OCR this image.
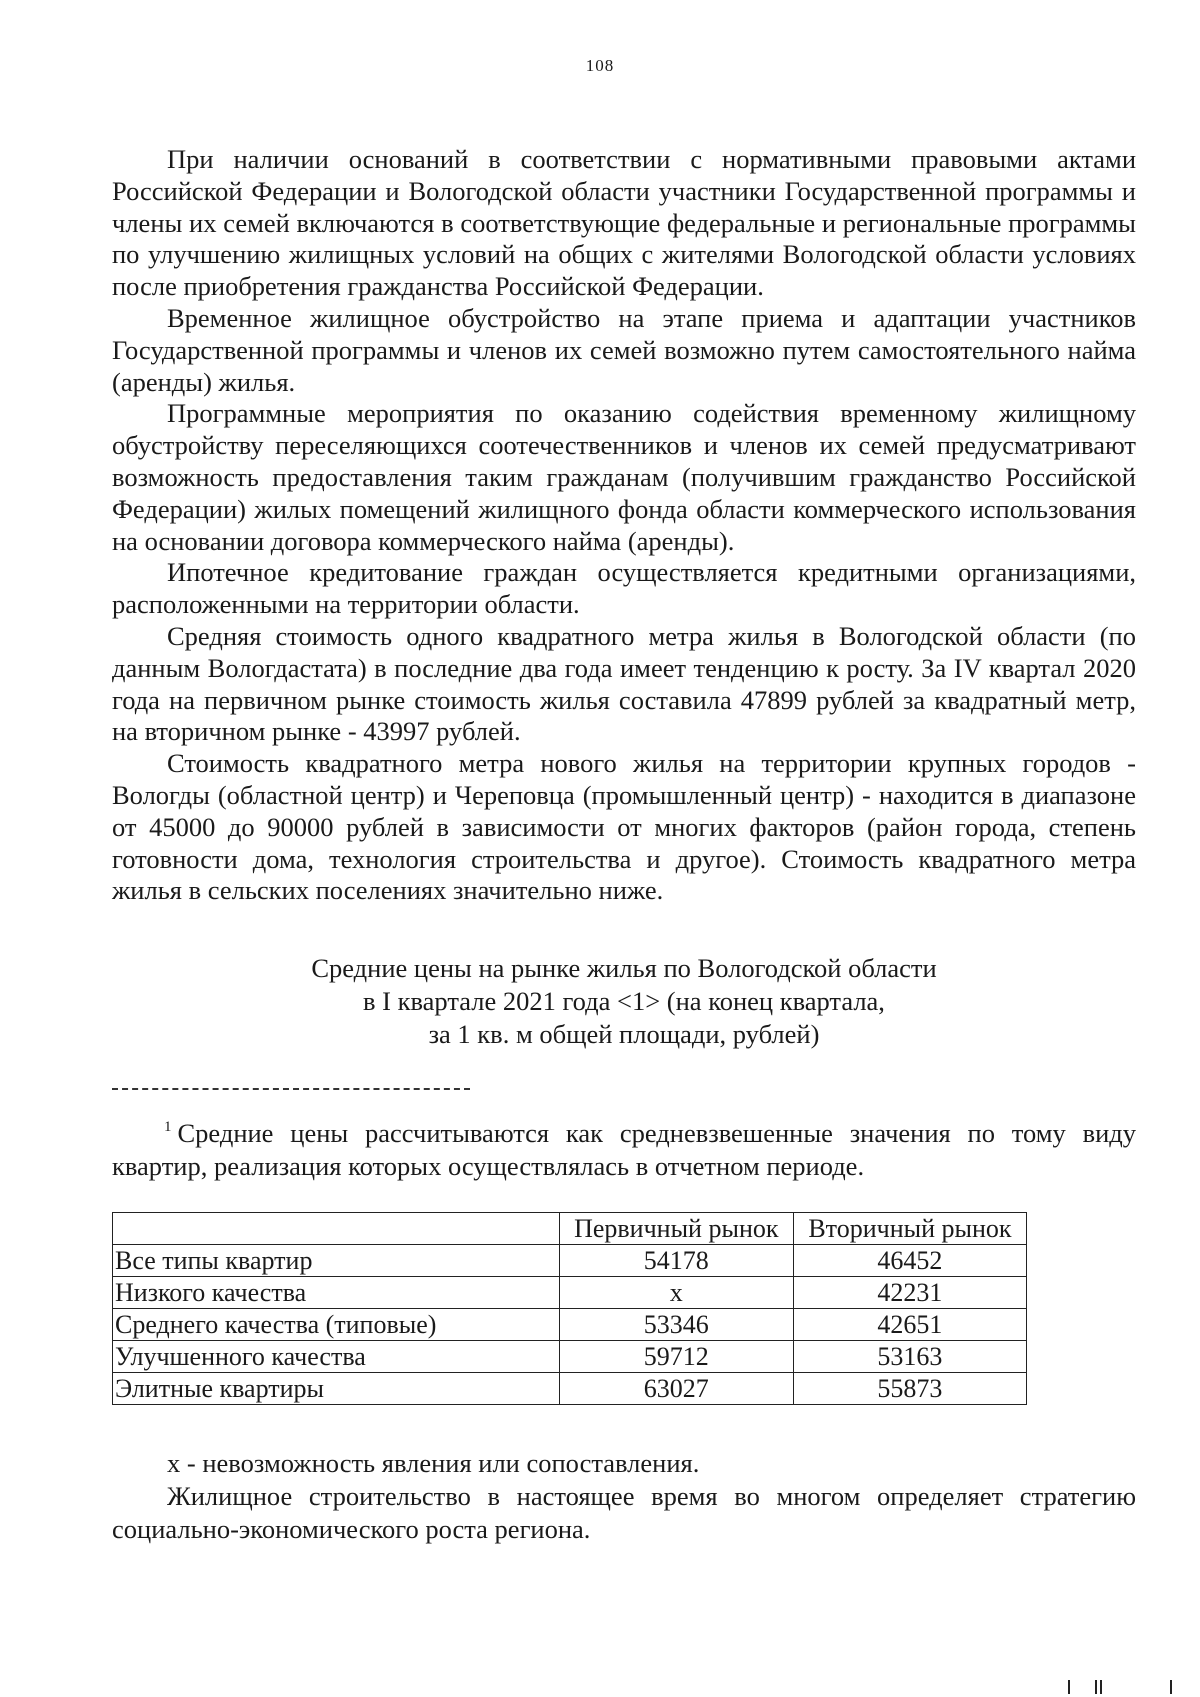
108

При наличии оснований в соответствии с нормативными правовыми актами Российской Федерации и Вологодской области участники Государственной программы и члены их семей включаются в соответствующие федеральные и региональные программы по улучшению жилищных условий на общих с жителями Вологодской области условиях после приобретения гражданства Российской Федерации.

Временное жилищное обустройство на этапе приема и адаптации участников Государственной программы и членов их семей возможно путем самостоятельного найма (аренды) жилья.

Программные мероприятия по оказанию содействия временному жилищному обустройству переселяющихся соотечественников и членов их семей предусматривают возможность предоставления таким гражданам (получившим гражданство Российской Федерации) жилых помещений жилищного фонда области коммерческого использования на основании договора коммерческого найма (аренды).

Ипотечное кредитование граждан осуществляется кредитными организациями, расположенными на территории области.

Средняя стоимость одного квадратного метра жилья в Вологодской области (по данным Вологдастата) в последние два года имеет тенденцию к росту. За IV квартал 2020 года на первичном рынке стоимость жилья составила 47899 рублей за квадратный метр, на вторичном рынке - 43997 рублей.

Стоимость квадратного метра нового жилья на территории крупных городов - Вологды (областной центр) и Череповца (промышленный центр) - находится в диапазоне от 45000 до 90000 рублей в зависимости от многих факторов (район города, степень готовности дома, технология строительства и другое). Стоимость квадратного метра жилья в сельских поселениях значительно ниже.

Средние цены на рынке жилья по Вологодской области
в I квартале 2021 года <1> (на конец квартала,
за 1 кв. м общей площади, рублей)
$^1$ Средние цены рассчитываются как средневзвешенные значения по тому виду квартир, реализация которых осуществлялась в отчетном периоде.
	Первичный рынок	Вторичный рынок
Все типы квартир	54178	46452
Низкого качества	x	42231
Среднего качества (типовые)	53346	42651
Улучшенного качества	59712	53163
Элитные квартиры	63027	55873

x - невозможность явления или сопоставления.

Жилищное строительство в настоящее время во многом определяет стратегию социально-экономического роста региона.
